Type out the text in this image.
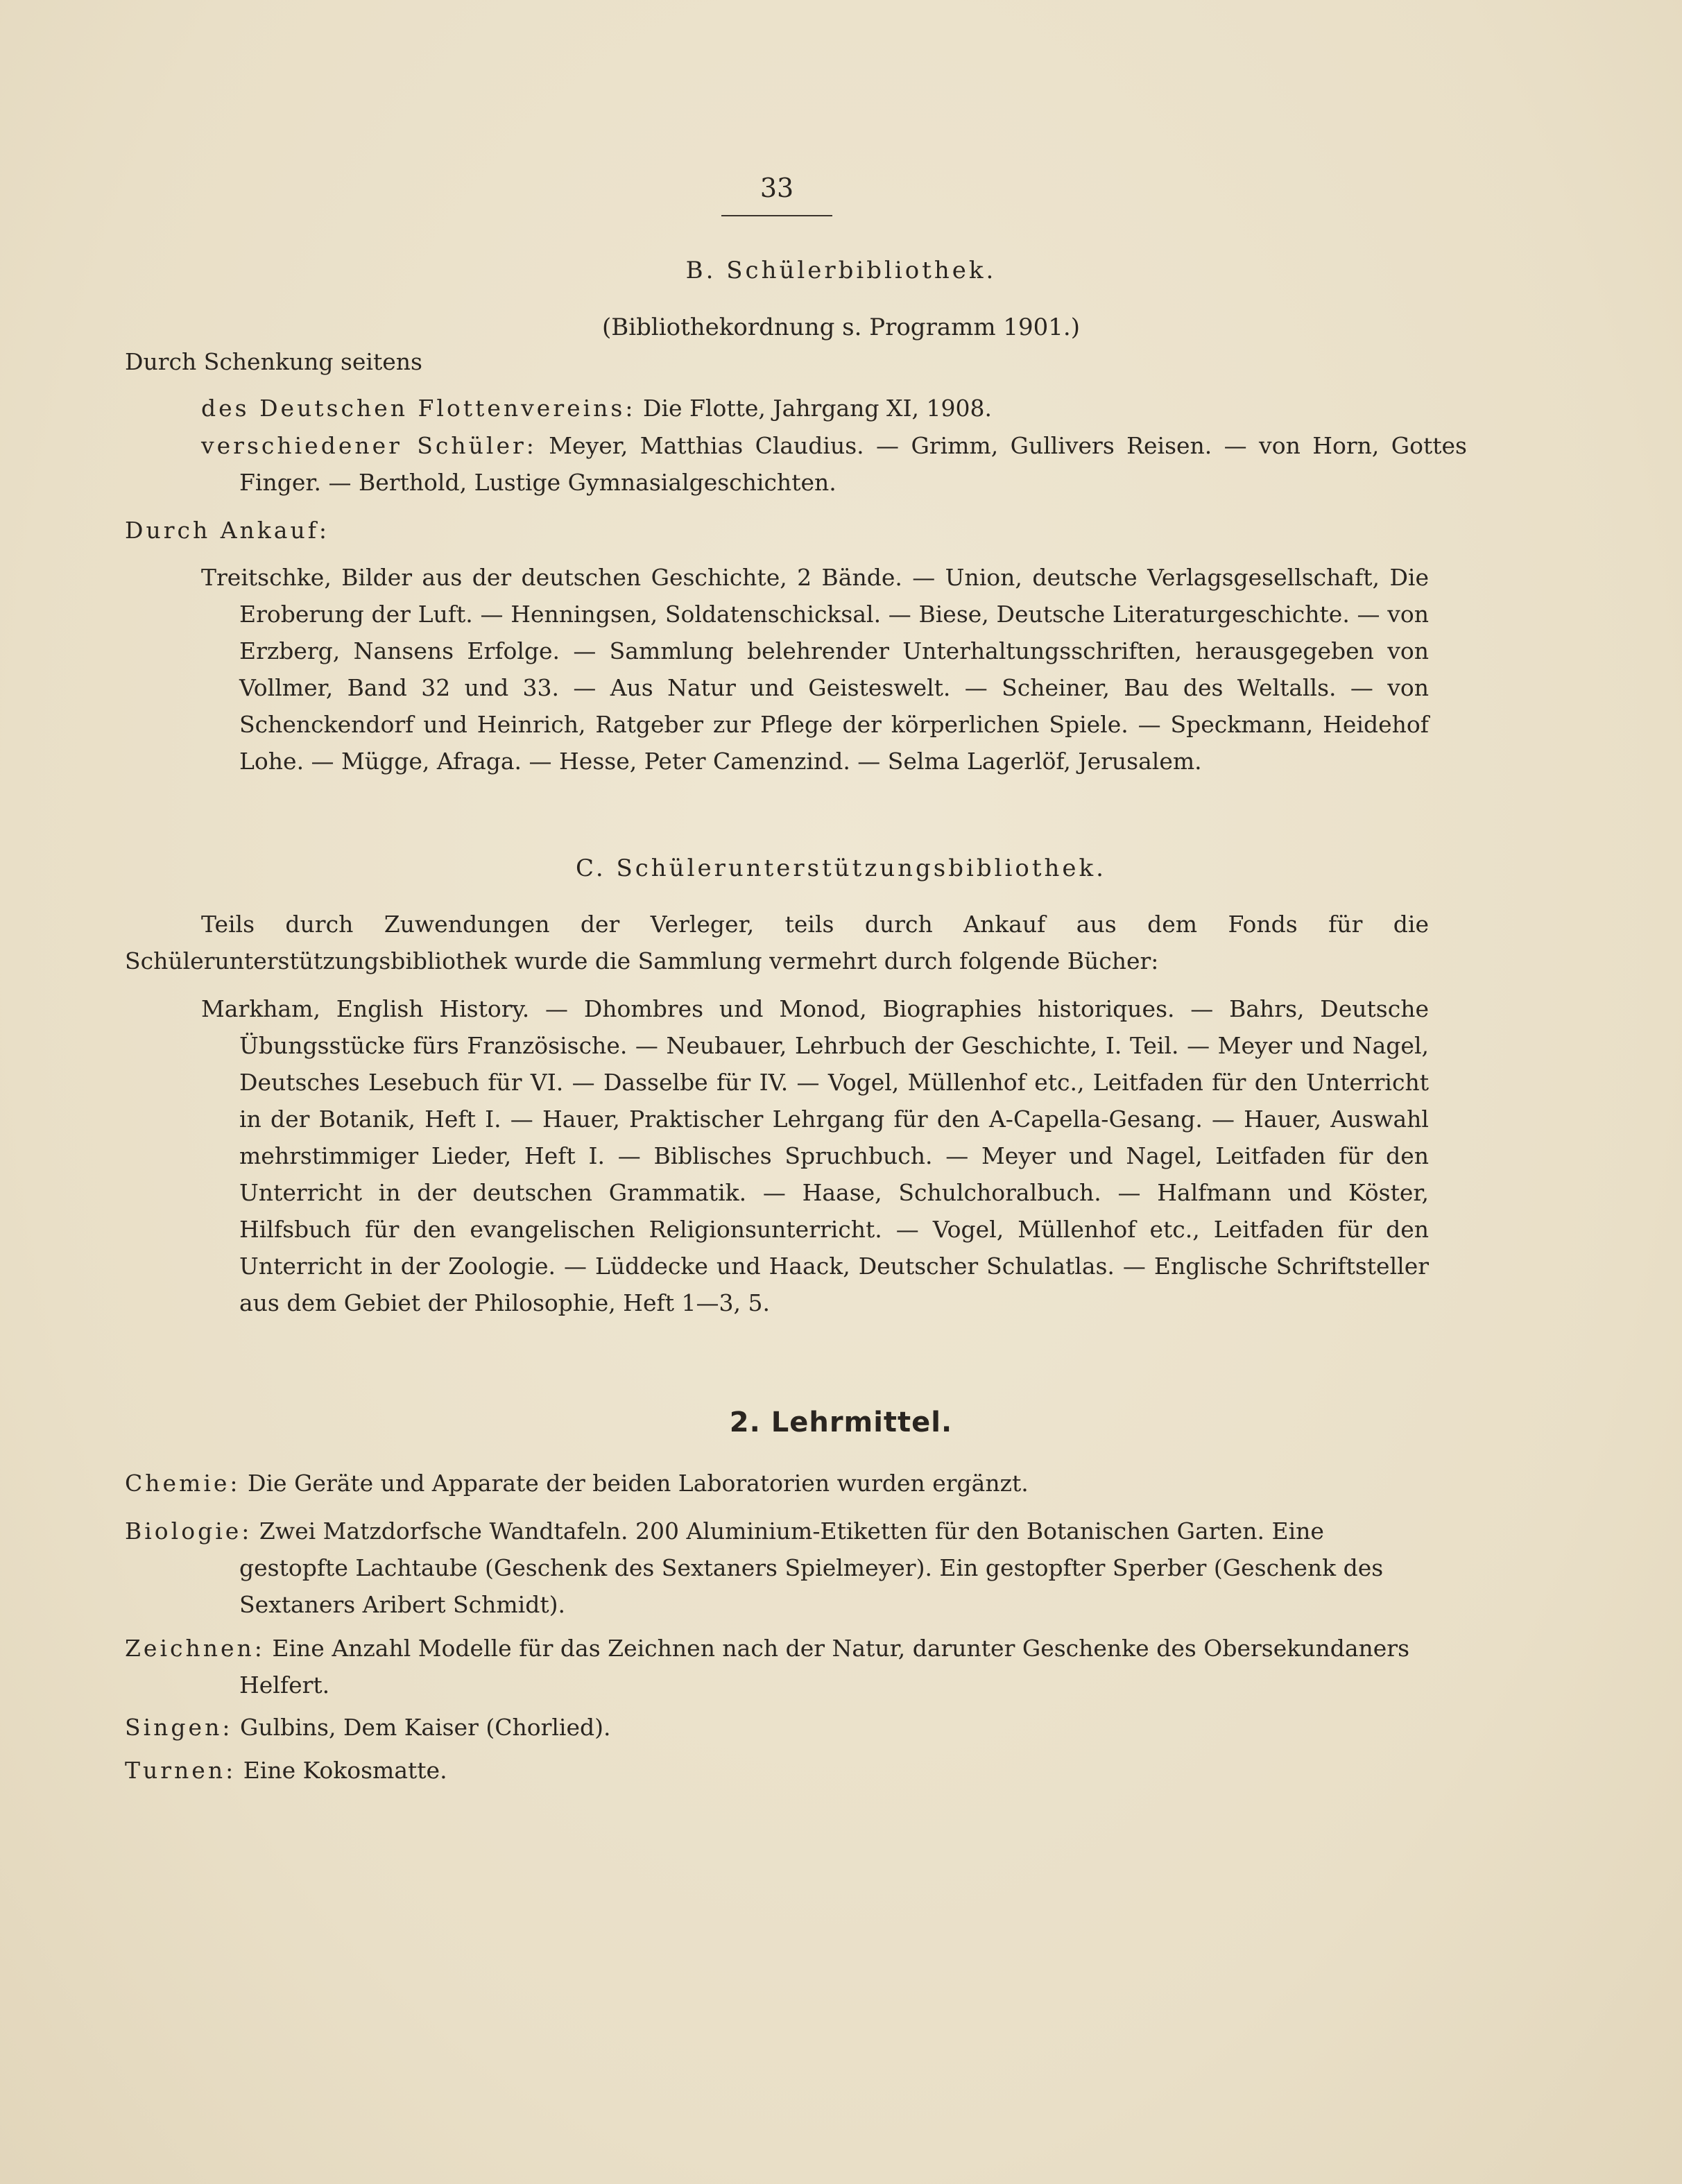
33
B. Schülerbibliothek.
(Bibliothekordnung s. Programm 1901.)
Durch Schenkung seitens
des Deutschen Flottenvereins: Die Flotte, Jahrgang XI, 1908.
verschiedener Schüler: Meyer, Matthias Claudius. — Grimm, Gullivers Reisen. — von Horn, Gottes Finger. — Berthold, Lustige Gymnasialgeschichten.
Durch Ankauf:
Treitschke, Bilder aus der deutschen Geschichte, 2 Bände. — Union, deutsche Verlagsgesellschaft, Die Eroberung der Luft. — Henningsen, Soldatenschicksal. — Biese, Deutsche Literaturgeschichte. — von Erzberg, Nansens Erfolge. — Sammlung belehrender Unterhaltungsschriften, herausgegeben von Vollmer, Band 32 und 33. — Aus Natur und Geisteswelt. — Scheiner, Bau des Weltalls. — von Schenckendorf und Heinrich, Ratgeber zur Pflege der körperlichen Spiele. — Speckmann, Heidehof Lohe. — Mügge, Afraga. — Hesse, Peter Camenzind. — Selma Lagerlöf, Jerusalem.
C. Schülerunterstützungsbibliothek.
Teils durch Zuwendungen der Verleger, teils durch Ankauf aus dem Fonds für die Schülerunterstützungsbibliothek wurde die Sammlung vermehrt durch folgende Bücher:
Markham, English History. — Dhombres und Monod, Biographies historiques. — Bahrs, Deutsche Übungsstücke fürs Französische. — Neubauer, Lehrbuch der Geschichte, I. Teil. — Meyer und Nagel, Deutsches Lesebuch für VI. — Dasselbe für IV. — Vogel, Müllenhof etc., Leitfaden für den Unterricht in der Botanik, Heft I. — Hauer, Praktischer Lehrgang für den A-Capella-Gesang. — Hauer, Auswahl mehrstimmiger Lieder, Heft I. — Biblisches Spruchbuch. — Meyer und Nagel, Leitfaden für den Unterricht in der deutschen Grammatik. — Haase, Schulchoralbuch. — Halfmann und Köster, Hilfsbuch für den evangelischen Religionsunterricht. — Vogel, Müllenhof etc., Leitfaden für den Unterricht in der Zoologie. — Lüddecke und Haack, Deutscher Schulatlas. — Englische Schriftsteller aus dem Gebiet der Philosophie, Heft 1—3, 5.
2. Lehrmittel.
Chemie: Die Geräte und Apparate der beiden Laboratorien wurden ergänzt.
Biologie: Zwei Matzdorfsche Wandtafeln. 200 Aluminium-Etiketten für den Botanischen Garten. Eine gestopfte Lachtaube (Geschenk des Sextaners Spielmeyer). Ein gestopfter Sperber (Geschenk des Sextaners Aribert Schmidt).
Zeichnen: Eine Anzahl Modelle für das Zeichnen nach der Natur, darunter Geschenke des Obersekundaners Helfert.
Singen: Gulbins, Dem Kaiser (Chorlied).
Turnen: Eine Kokosmatte.
